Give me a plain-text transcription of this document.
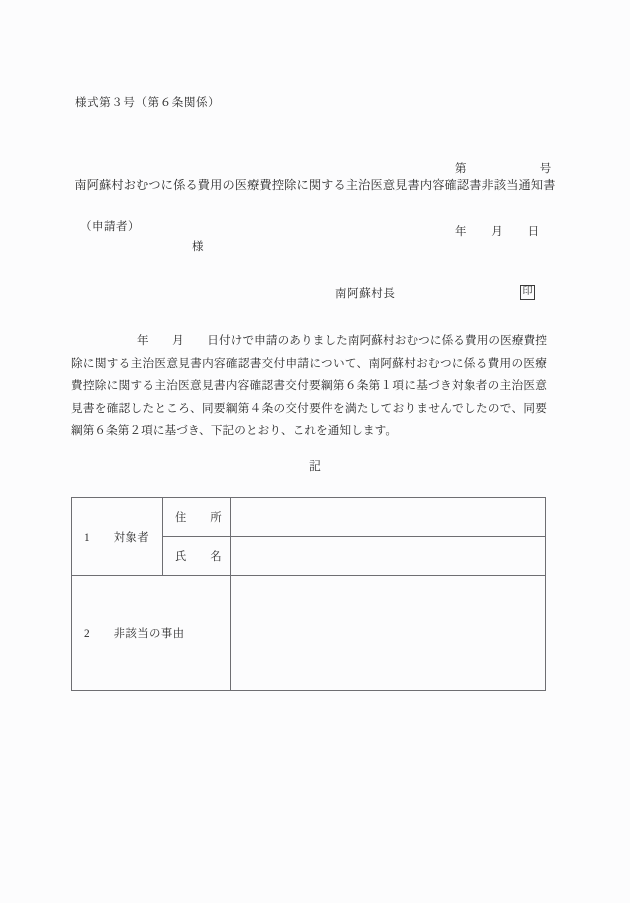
様式第３号（第６条関係）

第　　　　　　号

年　　月　　日

南阿蘇村おむつに係る費用の医療費控除に関する主治医意見書内容確認書非該当通知書
（申請者）
様
南阿蘇村長	印
年　　月　　日付けで申請のありました南阿蘇村おむつに係る費用の医療費控除に関する主治医意見書内容確認書交付申請について、南阿蘇村おむつに係る費用の医療費控除に関する主治医意見書内容確認書交付要綱第６条第１項に基づき対象者の主治医意見書を確認したところ、同要綱第４条の交付要件を満たしておりませんでしたので、同要綱第６条第２項に基づき、下記のとおり、これを通知します。
記
1　　対象者	住　　所	
	氏　　名	
2　　非該当の事由		
